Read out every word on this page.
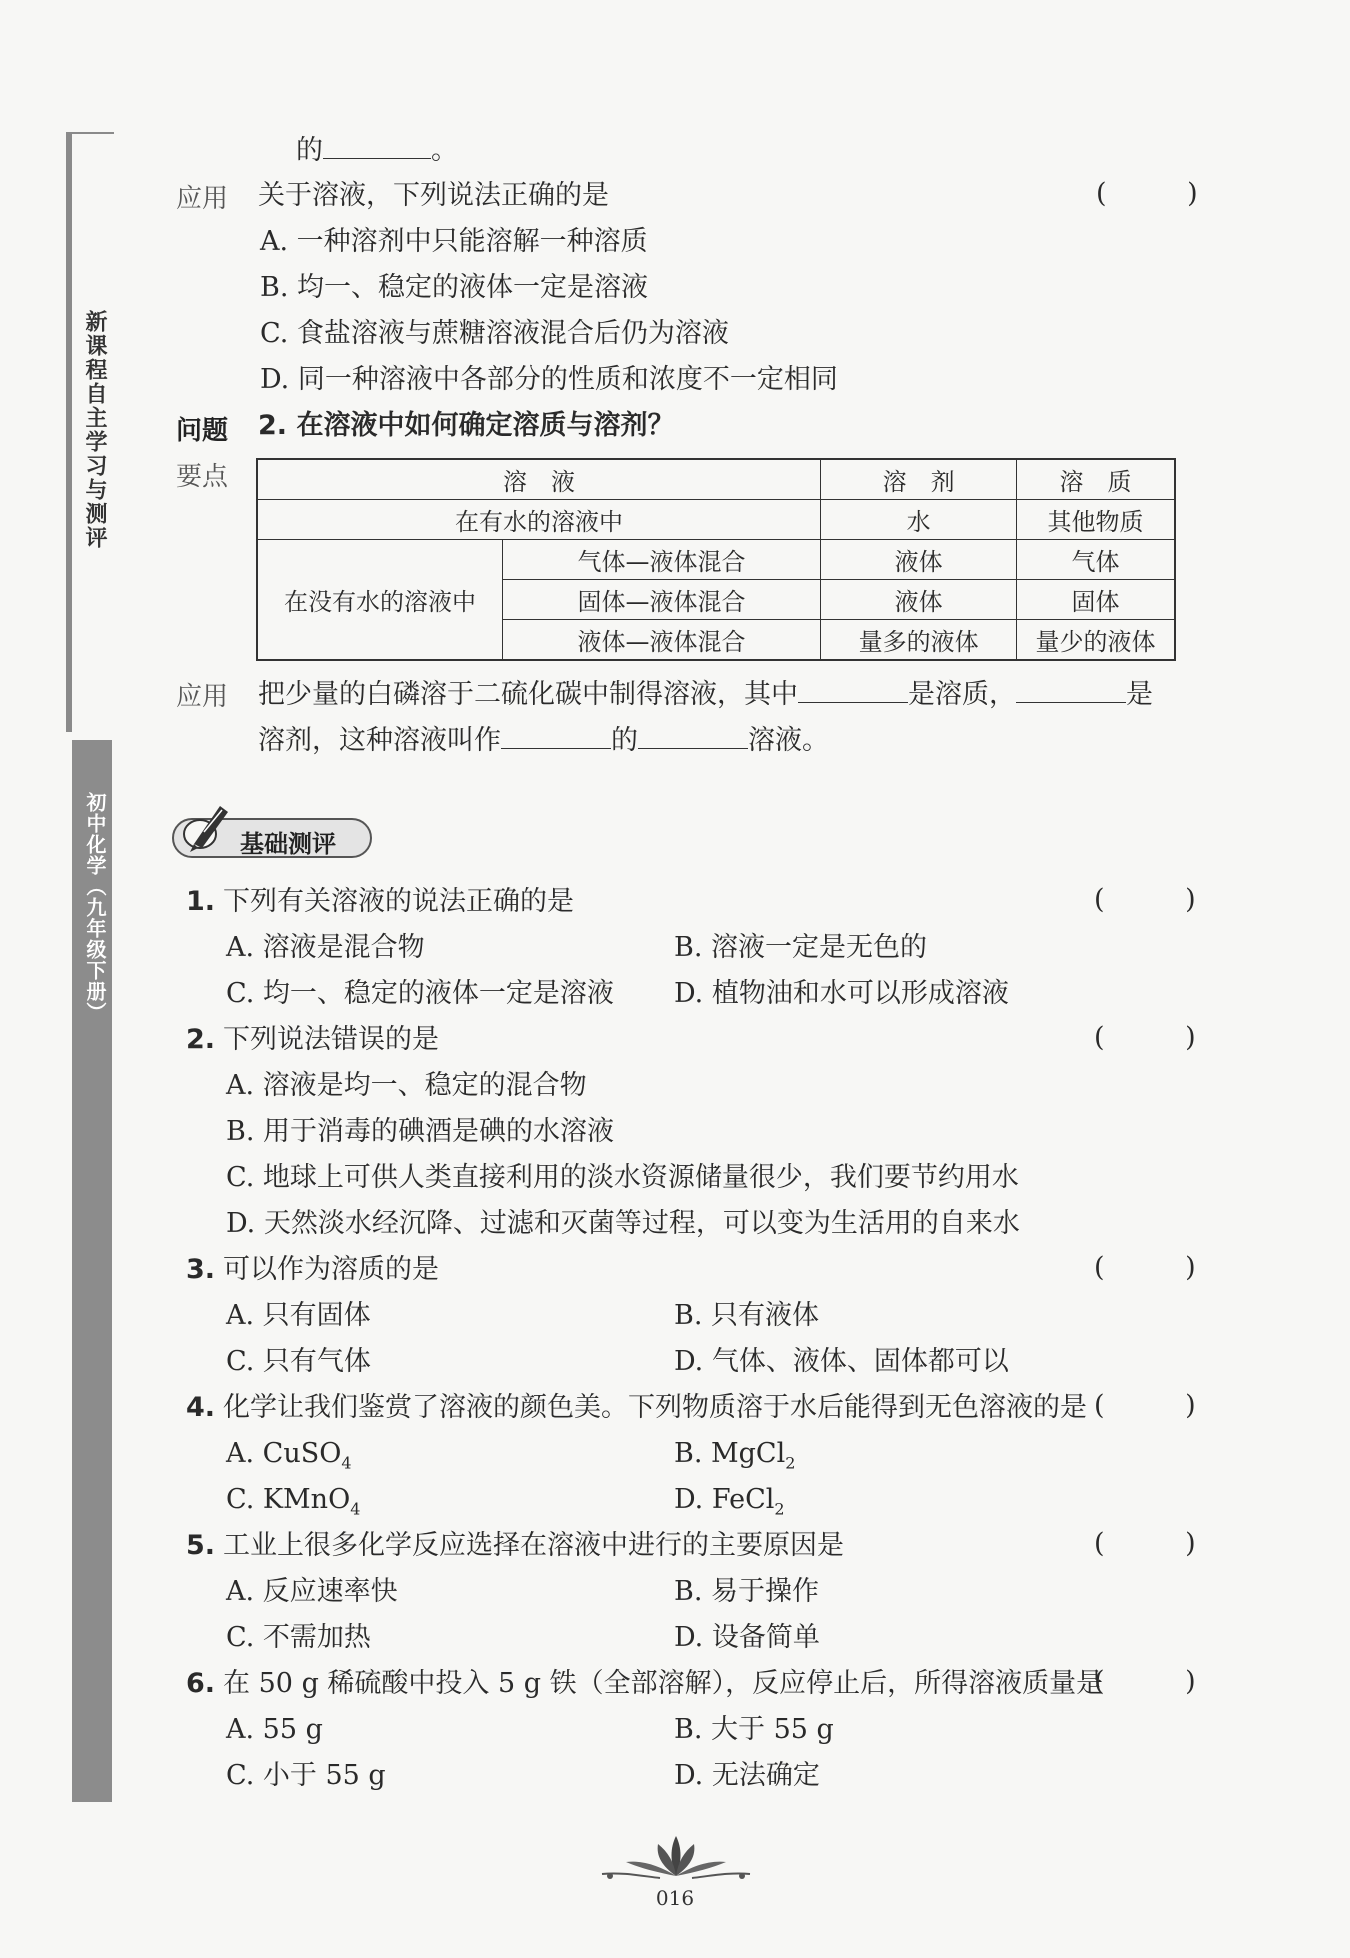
新课程自主学习与测评
初中化学（九年级下册）
的	。
应用 关于溶液，下列说法正确的是	( )
A. 一种溶剂中只能溶解一种溶质
B. 均一、稳定的液体一定是溶液
C. 食盐溶液与蔗糖溶液混合后仍为溶液
D. 同一种溶液中各部分的性质和浓度不一定相同
问题 2. 在溶液中如何确定溶质与溶剂？
要点	溶　液		溶　剂	溶　质
在有水的溶液中		水	其他物质
在没有水的溶液中	气体—液体混合	液体	气体
	固体—液体混合	液体	固体
	液体—液体混合	量多的液体	量少的液体
应用 把少量的白磷溶于二硫化碳中制得溶液，其中	是溶质，	是
溶剂，这种溶液叫作	的	溶液。
基础测评
1. 下列有关溶液的说法正确的是	( )
A. 溶液是混合物	B. 溶液一定是无色的
C. 均一、稳定的液体一定是溶液 D. 植物油和水可以形成溶液
2. 下列说法错误的是	( )
A. 溶液是均一、稳定的混合物
B. 用于消毒的碘酒是碘的水溶液
C. 地球上可供人类直接利用的淡水资源储量很少，我们要节约用水
D. 天然淡水经沉降、过滤和灭菌等过程，可以变为生活用的自来水
3. 可以作为溶质的是	( )
A. 只有固体	B. 只有液体
C. 只有气体	D. 气体、液体、固体都可以
4. 化学让我们鉴赏了溶液的颜色美。下列物质溶于水后能得到无色溶液的是 ( )
A. CuSO$_4$	B. MgCl$_2$
C. KMnO$_4$	D. FeCl$_2$
5. 工业上很多化学反应选择在溶液中进行的主要原因是	( )
A. 反应速率快	B. 易于操作
C. 不需加热	D. 设备简单
6. 在 50 g 稀硫酸中投入 5 g 铁（全部溶解），反应停止后，所得溶液质量是
( )
A. 55 g	B. 大于 55 g
C. 小于 55 g	D. 无法确定
016
